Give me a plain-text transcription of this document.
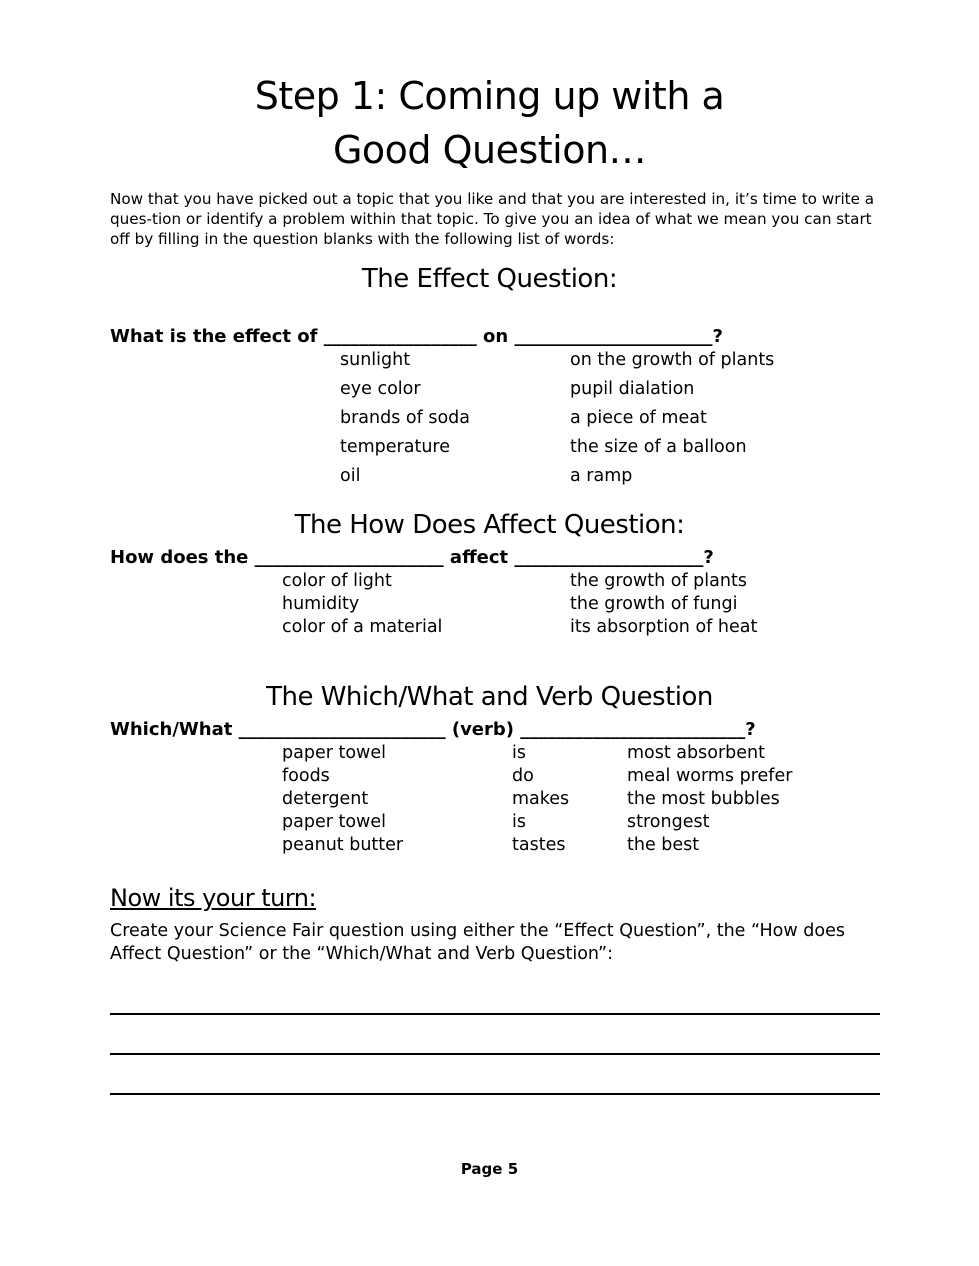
Step 1: Coming up with a
Good Question…
Now that you have picked out a topic that you like and that you are interested in, it’s time to write a ques-tion or identify a problem within that topic. To give you an idea of what we mean you can start off by filling in the question blanks with the following list of words:
The Effect Question:
What is the effect of _________________ on ______________________?
sunlight
eye color
brands of soda
temperature
oil
on the growth of plants
pupil dialation
a piece of meat
the size of a balloon
a ramp
The How Does Affect Question:
How does the _____________________ affect _____________________?
color of light
humidity
color of a material
the growth of plants
the growth of fungi
its absorption of heat
The Which/What and Verb Question
Which/What _______________________ (verb) _________________________?
paper towel
foods
detergent
paper towel
peanut butter
is
do
makes
is
tastes
most absorbent
meal worms prefer
the most bubbles
strongest
the best
Now its your turn:
Create your Science Fair question using either the “Effect Question”, the “How does Affect Question” or the “Which/What and Verb Question”:
Page 5
